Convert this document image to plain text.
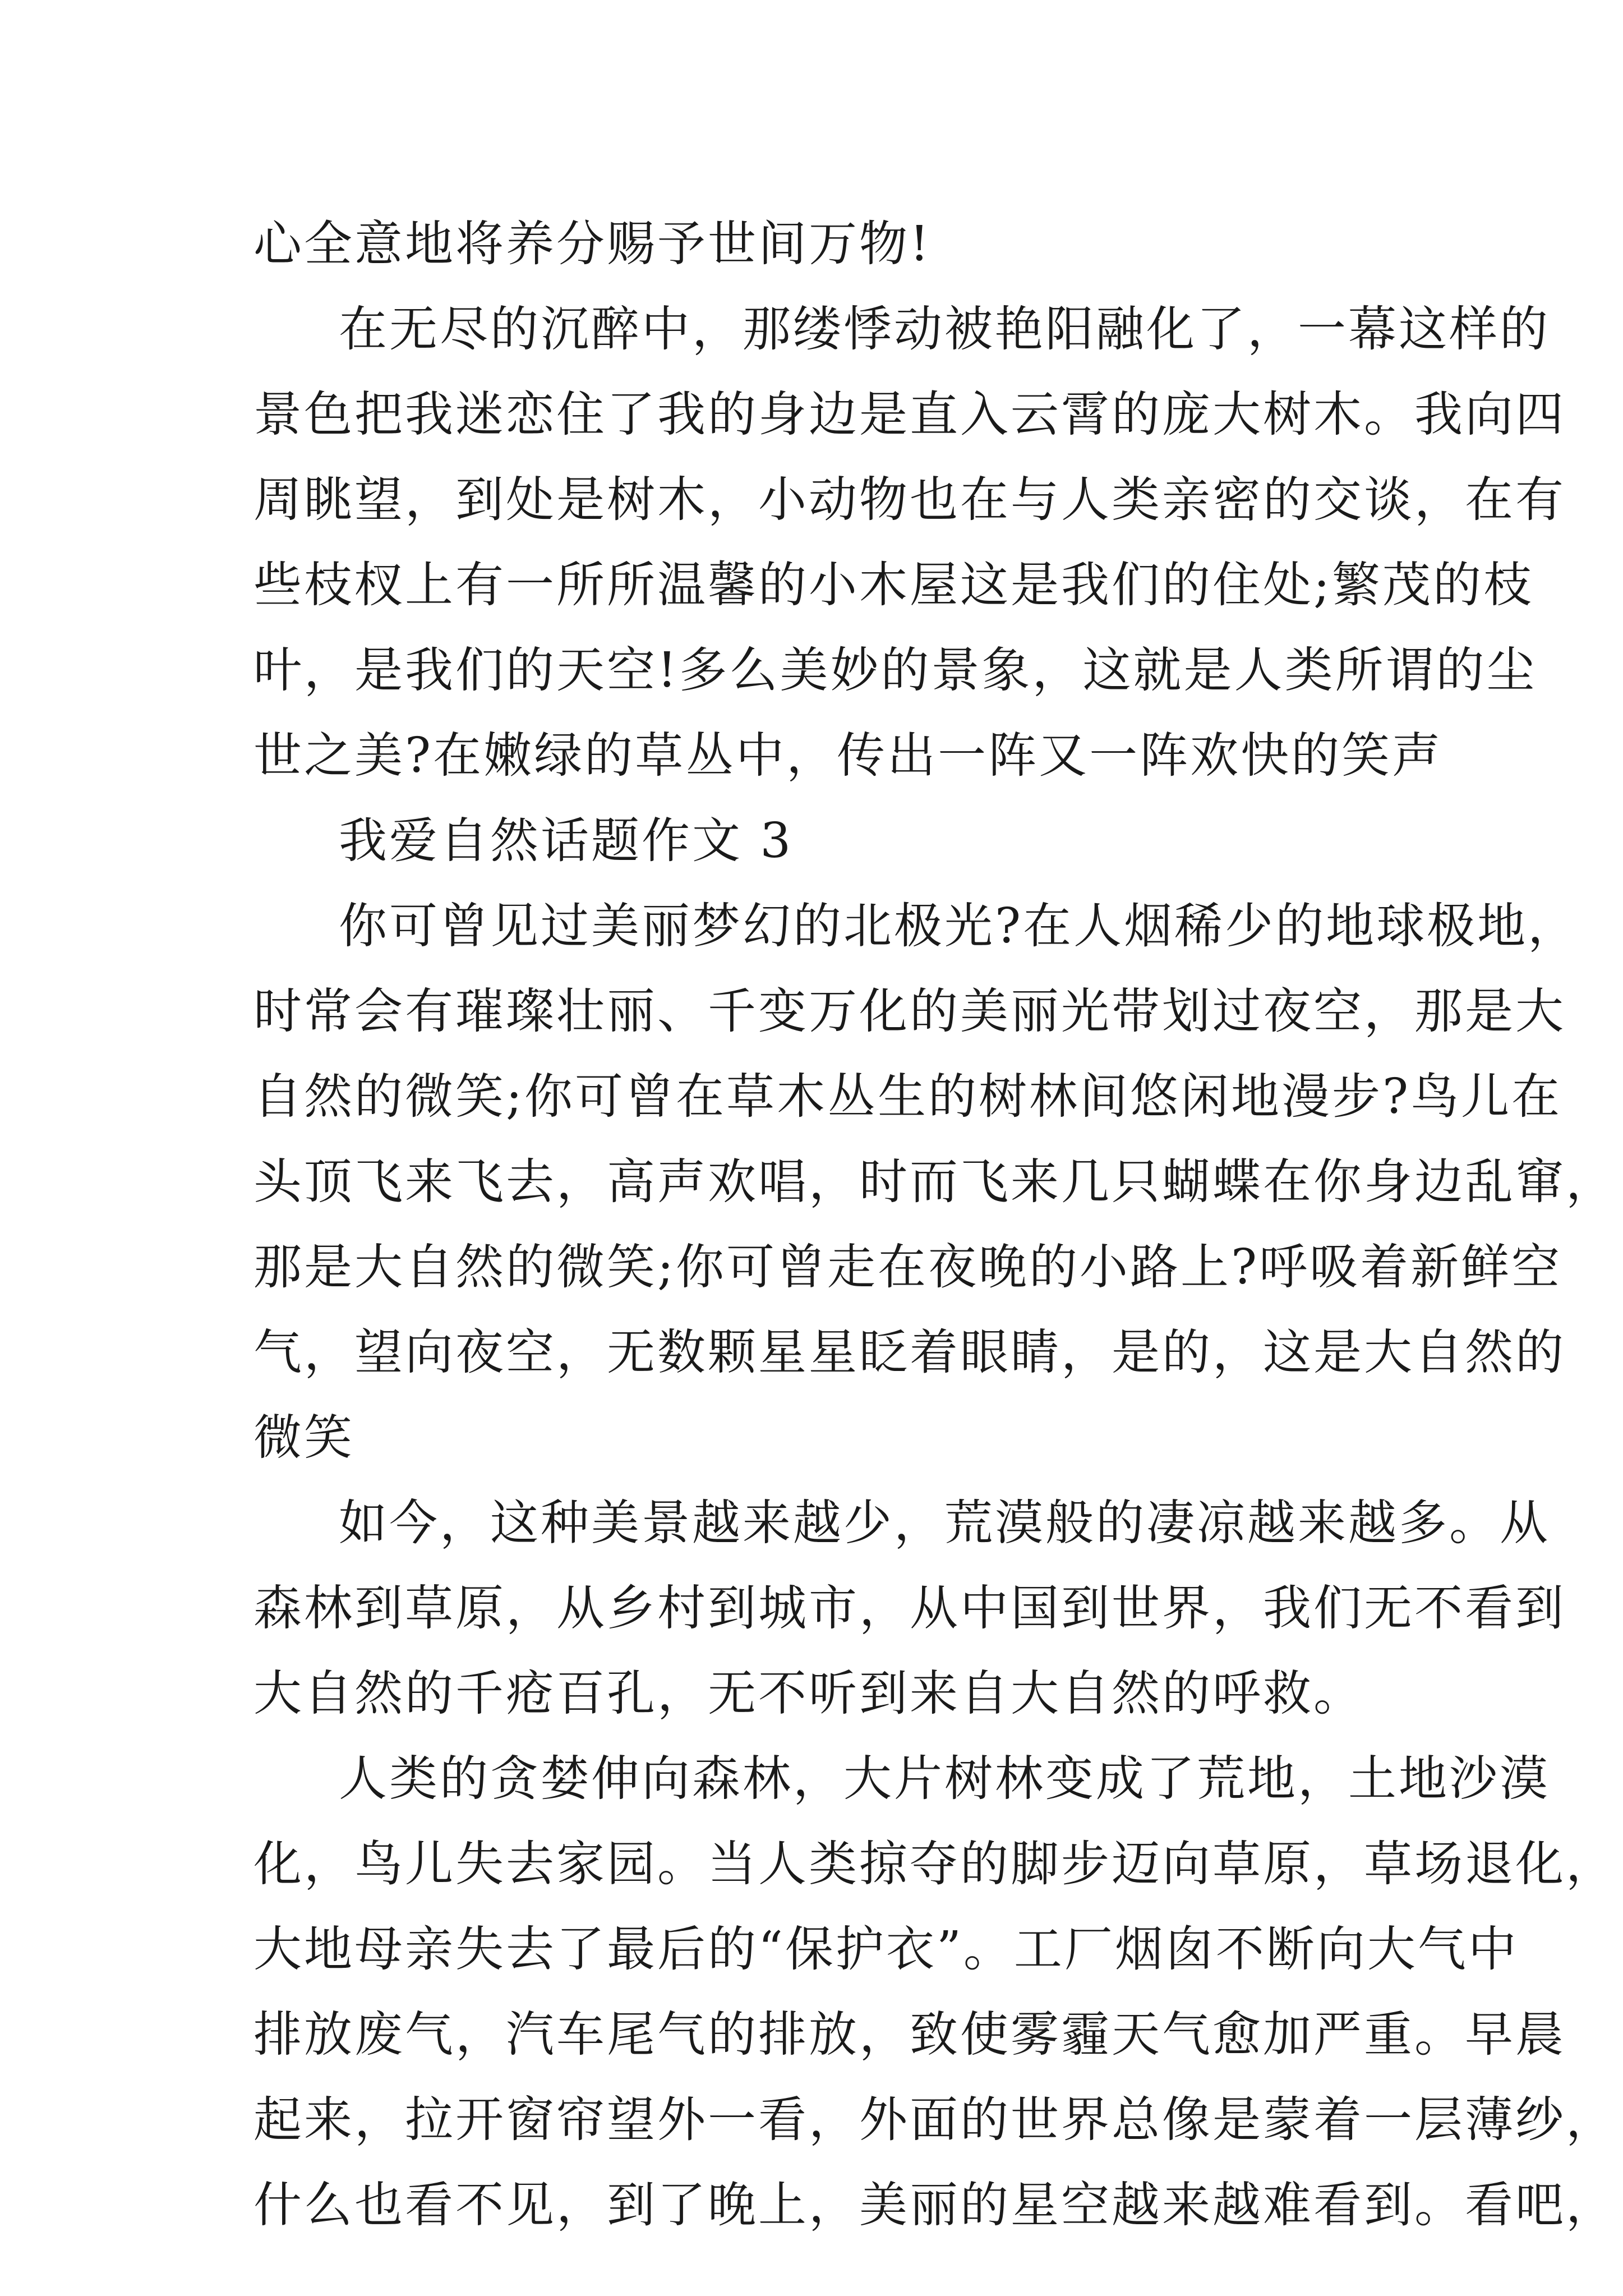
心全意地将养分赐予世间万物!
在无尽的沉醉中，那缕悸动被艳阳融化了，一幕这样的
景色把我迷恋住了我的身边是直入云霄的庞大树木。我向四
周眺望，到处是树木，小动物也在与人类亲密的交谈，在有
些枝杈上有一所所温馨的小木屋这是我们的住处;繁茂的枝
叶，是我们的天空!多么美妙的景象，这就是人类所谓的尘
世之美?在嫩绿的草丛中，传出一阵又一阵欢快的笑声
我爱自然话题作文 3
你可曾见过美丽梦幻的北极光?在人烟稀少的地球极地，
时常会有璀璨壮丽、千变万化的美丽光带划过夜空，那是大
自然的微笑;你可曾在草木丛生的树林间悠闲地漫步?鸟儿在
头顶飞来飞去，高声欢唱，时而飞来几只蝴蝶在你身边乱窜，
那是大自然的微笑;你可曾走在夜晚的小路上?呼吸着新鲜空
气，望向夜空，无数颗星星眨着眼睛，是的，这是大自然的
微笑
如今，这种美景越来越少，荒漠般的凄凉越来越多。从
森林到草原，从乡村到城市，从中国到世界，我们无不看到
大自然的千疮百孔，无不听到来自大自然的呼救。
人类的贪婪伸向森林，大片树林变成了荒地，土地沙漠
化，鸟儿失去家园。当人类掠夺的脚步迈向草原，草场退化，
大地母亲失去了最后的“保护衣”。工厂烟囱不断向大气中
排放废气，汽车尾气的排放，致使雾霾天气愈加严重。早晨
起来，拉开窗帘望外一看，外面的世界总像是蒙着一层薄纱，
什么也看不见，到了晚上，美丽的星空越来越难看到。看吧，
